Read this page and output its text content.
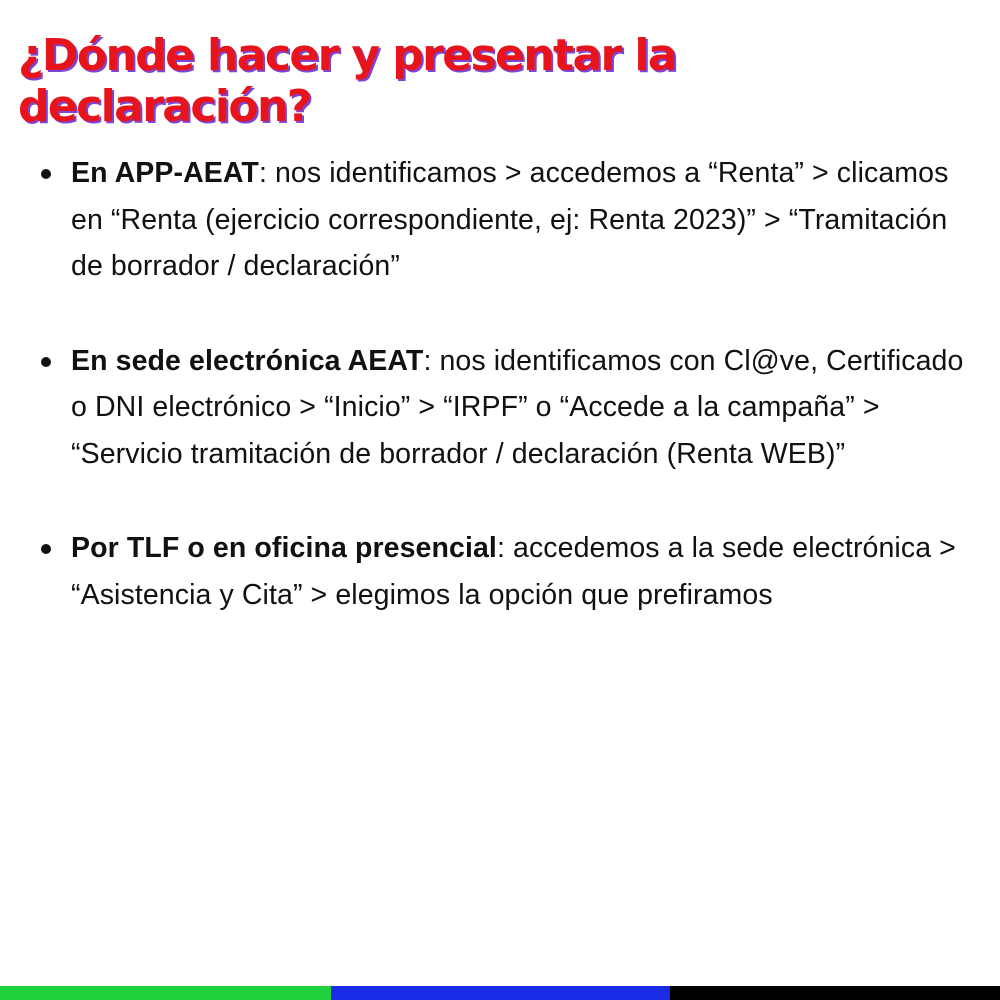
¿Dónde hacer y presentar la declaración?
En APP-AEAT: nos identificamos > accedemos a “Renta” > clicamos en “Renta (ejercicio correspondiente, ej: Renta 2023)” > “Tramitación de borrador / declaración”
En sede electrónica AEAT: nos identificamos con Cl@ve, Certificado o DNI electrónico > “Inicio” > “IRPF” o “Accede a la campaña” > “Servicio tramitación de borrador / declaración (Renta WEB)”
Por TLF o en oficina presencial: accedemos a la sede electrónica > “Asistencia y Cita” > elegimos la opción que prefiramos
